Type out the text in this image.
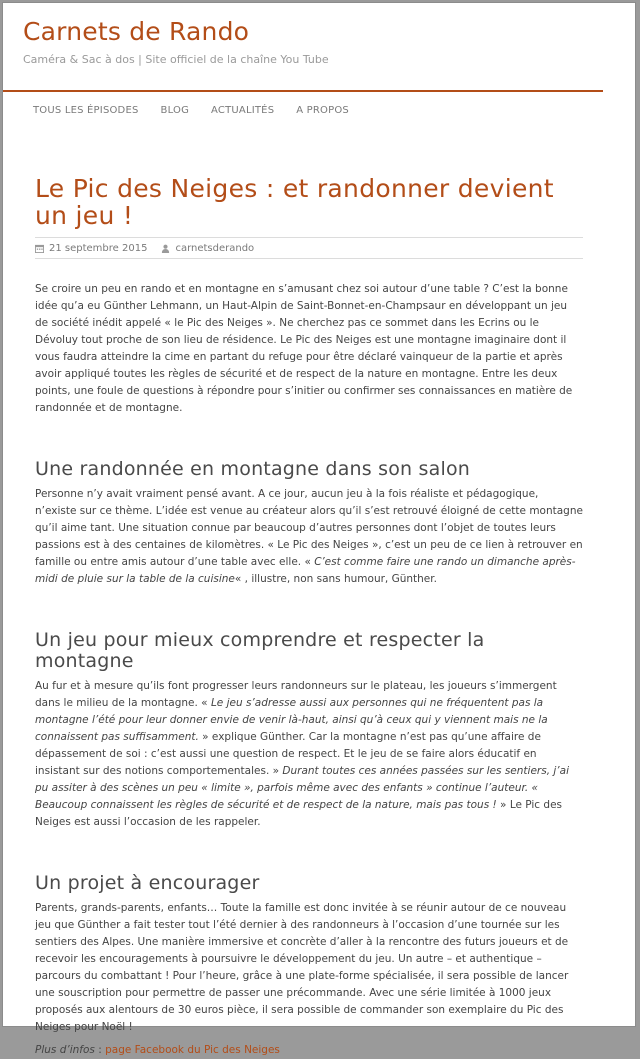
Carnets de Rando

Caméra & Sac à dos | Site officiel de la chaîne You Tube

TOUS LES ÉPISODES BLOG ACTUALITÉS A PROPOS
Le Pic des Neiges : et randonner devient un jeu !
21 septembre 2015	carnetsderando

Se croire un peu en rando et en montagne en s’amusant chez soi autour d’une table ? C’est la bonne idée qu’a eu Günther Lehmann, un Haut-Alpin de Saint-Bonnet-en-Champsaur en développant un jeu de société inédit appelé « le Pic des Neiges ». Ne cherchez pas ce sommet dans les Ecrins ou le Dévoluy tout proche de son lieu de résidence. Le Pic des Neiges est une montagne imaginaire dont il vous faudra atteindre la cime en partant du refuge pour être déclaré vainqueur de la partie et après avoir appliqué toutes les règles de sécurité et de respect de la nature en montagne. Entre les deux points, une foule de questions à répondre pour s’initier ou confirmer ses connaissances en matière de randonnée et de montagne.

Une randonnée en montagne dans son salon

Personne n’y avait vraiment pensé avant. A ce jour, aucun jeu à la fois réaliste et pédagogique, n’existe sur ce thème. L’idée est venue au créateur alors qu’il s’est retrouvé éloigné de cette montagne qu’il aime tant. Une situation connue par beaucoup d’autres personnes dont l’objet de toutes leurs passions est à des centaines de kilomètres. « Le Pic des Neiges », c’est un peu de ce lien à retrouver en famille ou entre amis autour d’une table avec elle. « C’est comme faire une rando un dimanche après-midi de pluie sur la table de la cuisine« , illustre, non sans humour, Günther.

Un jeu pour mieux comprendre et respecter la montagne

Au fur et à mesure qu’ils font progresser leurs randonneurs sur le plateau, les joueurs s’immergent dans le milieu de la montagne. « Le jeu s’adresse aussi aux personnes qui ne fréquentent pas la montagne l’été pour leur donner envie de venir là-haut, ainsi qu’à ceux qui y viennent mais ne la connaissent pas suffisamment. » explique Günther. Car la montagne n’est pas qu’une affaire de dépassement de soi : c’est aussi une question de respect. Et le jeu de se faire alors éducatif en insistant sur des notions comportementales. » Durant toutes ces années passées sur les sentiers, j’ai pu assiter à des scènes un peu « limite », parfois même avec des enfants » continue l’auteur. « Beaucoup connaissent les règles de sécurité et de respect de la nature, mais pas tous ! » Le Pic des Neiges est aussi l’occasion de les rappeler.

Un projet à encourager

Parents, grands-parents, enfants… Toute la famille est donc invitée à se réunir autour de ce nouveau jeu que Günther a fait tester tout l’été dernier à des randonneurs à l’occasion d’une tournée sur les sentiers des Alpes. Une manière immersive et concrète d’aller à la rencontre des futurs joueurs et de recevoir les encouragements à poursuivre le développement du jeu. Un autre – et authentique – parcours du combattant ! Pour l’heure, grâce à une plate-forme spécialisée, il sera possible de lancer une souscription pour permettre de passer une précommande. Avec une série limitée à 1000 jeux proposés aux alentours de 30 euros pièce, il sera possible de commander son exemplaire du Pic des Neiges pour Noël !

Plus d’infos : page Facebook du Pic des Neiges
